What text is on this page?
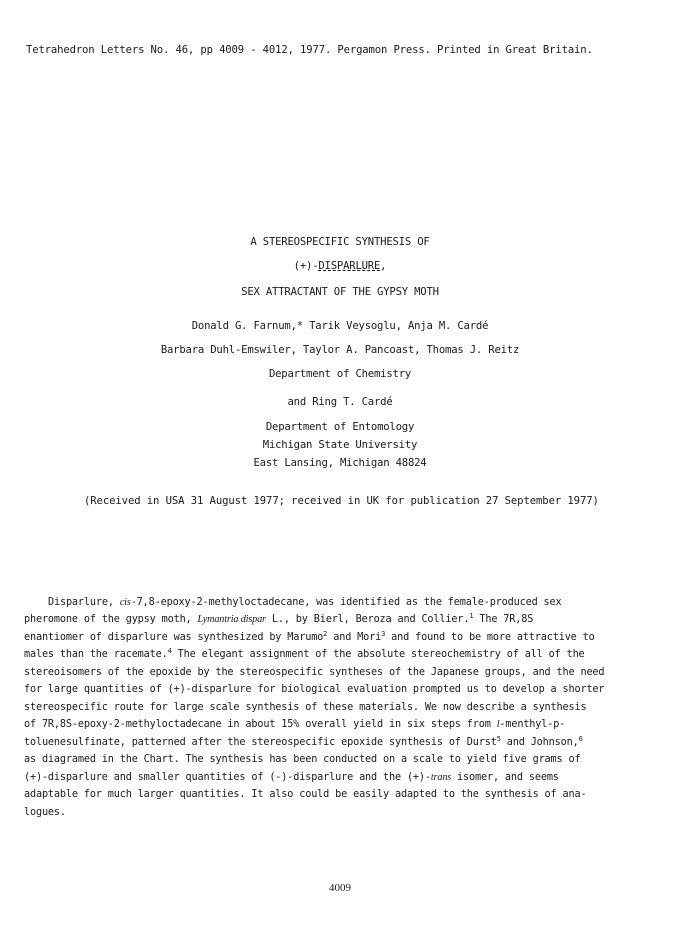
Tetrahedron Letters No. 46, pp 4009 - 4012, 1977. Pergamon Press. Printed in Great Britain.

A STEREOSPECIFIC SYNTHESIS OF

(+)-DISPARLURE,

SEX ATTRACTANT OF THE GYPSY MOTH

Donald G. Farnum,* Tarik Veysoglu, Anja M. Cardé

Barbara Duhl-Emswiler, Taylor A. Pancoast, Thomas J. Reitz

Department of Chemistry

and Ring T. Cardé

Department of Entomology

Michigan State University

East Lansing, Michigan 48824

(Received in USA 31 August 1977; received in UK for publication 27 September 1977)
Disparlure, cis-7,8-epoxy-2-methyloctadecane, was identified as the female-produced sex
pheromone of the gypsy moth, Lymantria dispar L., by Bierl, Beroza and Collier.$^1$ The 7R,8S
enantiomer of disparlure was synthesized by Marumo$^2$ and Mori$^3$ and found to be more attractive to
males than the racemate.$^4$ The elegant assignment of the absolute stereochemistry of all of the
stereoisomers of the epoxide by the stereospecific syntheses of the Japanese groups, and the need
for large quantities of (+)-disparlure for biological evaluation prompted us to develop a shorter
stereospecific route for large scale synthesis of these materials. We now describe a synthesis
of 7R,8S-epoxy-2-methyloctadecane in about 15% overall yield in six steps from l-menthyl-p-
toluenesulfinate, patterned after the stereospecific epoxide synthesis of Durst$^5$ and Johnson,$^6$
as diagramed in the Chart. The synthesis has been conducted on a scale to yield five grams of
(+)-disparlure and smaller quantities of (-)-disparlure and the (+)-trans isomer, and seems
adaptable for much larger quantities. It also could be easily adapted to the synthesis of ana-
logues.
4009
